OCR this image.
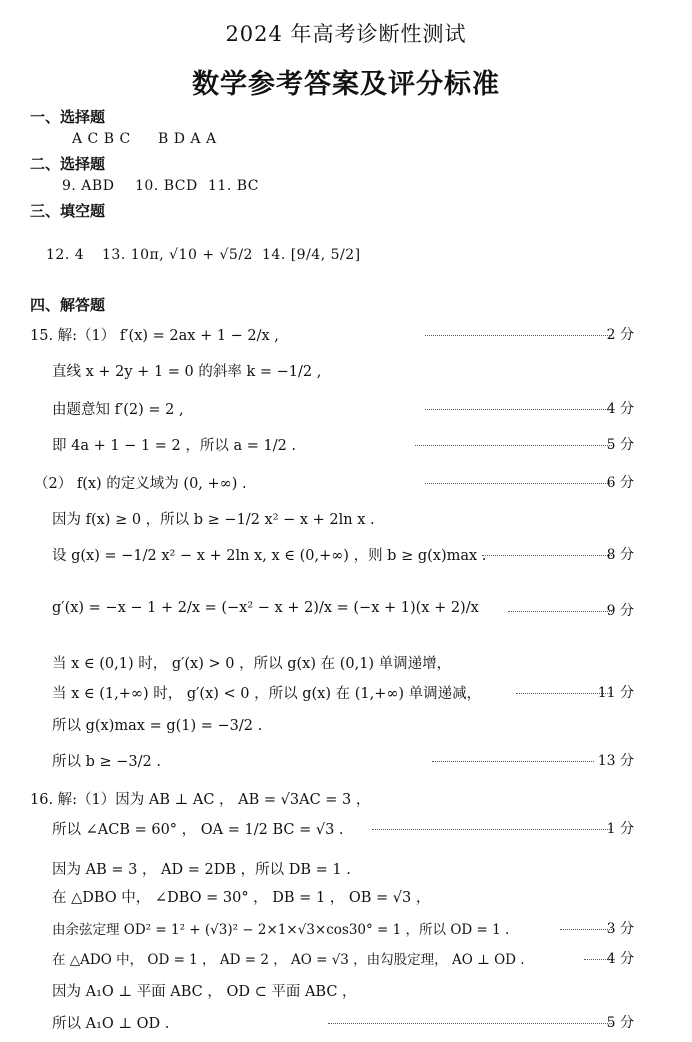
2024 年高考诊断性测试
数学参考答案及评分标准
一、选择题
A C B C B D A A
二、选择题
9. ABD 10. BCD 11. BC
三、填空题
12. 4 13. 10π, √10 + √5/2 14. [9/4, 5/2]
四、解答题
15. 解:（1） f′(x) = 2ax + 1 − 2/x ,	2 分
直线 x + 2y + 1 = 0 的斜率 k = −1/2 ,
由题意知 f′(2) = 2 ,	4 分
即 4a + 1 − 1 = 2 ，所以 a = 1/2 .	5 分
（2） f(x) 的定义域为 (0, +∞) .	6 分
因为 f(x) ≥ 0 ，所以 b ≥ −1/2 x² − x + 2ln x .
设 g(x) = −1/2 x² − x + 2ln x, x ∈ (0,+∞) ，则 b ≥ g(x)max .	8 分
g′(x) = −x − 1 + 2/x = (−x² − x + 2)/x = (−x + 1)(x + 2)/x	9 分
当 x ∈ (0,1) 时， g′(x) > 0 ，所以 g(x) 在 (0,1) 单调递增，
当 x ∈ (1,+∞) 时， g′(x) < 0 ，所以 g(x) 在 (1,+∞) 单调递减，	11 分
所以 g(x)max = g(1) = −3/2 .
所以 b ≥ −3/2 .	13 分
16. 解:（1）因为 AB ⊥ AC ， AB = √3AC = 3 ，
所以 ∠ACB = 60° ， OA = 1/2 BC = √3 .	1 分
因为 AB = 3 ， AD = 2DB ，所以 DB = 1 .
在 △DBO 中， ∠DBO = 30° ， DB = 1 ， OB = √3 ，
由余弦定理 OD² = 1² + (√3)² − 2×1×√3×cos30° = 1 ，所以 OD = 1 .	3 分
在 △ADO 中， OD = 1 ， AD = 2 ， AO = √3 ，由勾股定理， AO ⊥ OD .	4 分
因为 A₁O ⊥ 平面 ABC ， OD ⊂ 平面 ABC ，
所以 A₁O ⊥ OD .	5 分
